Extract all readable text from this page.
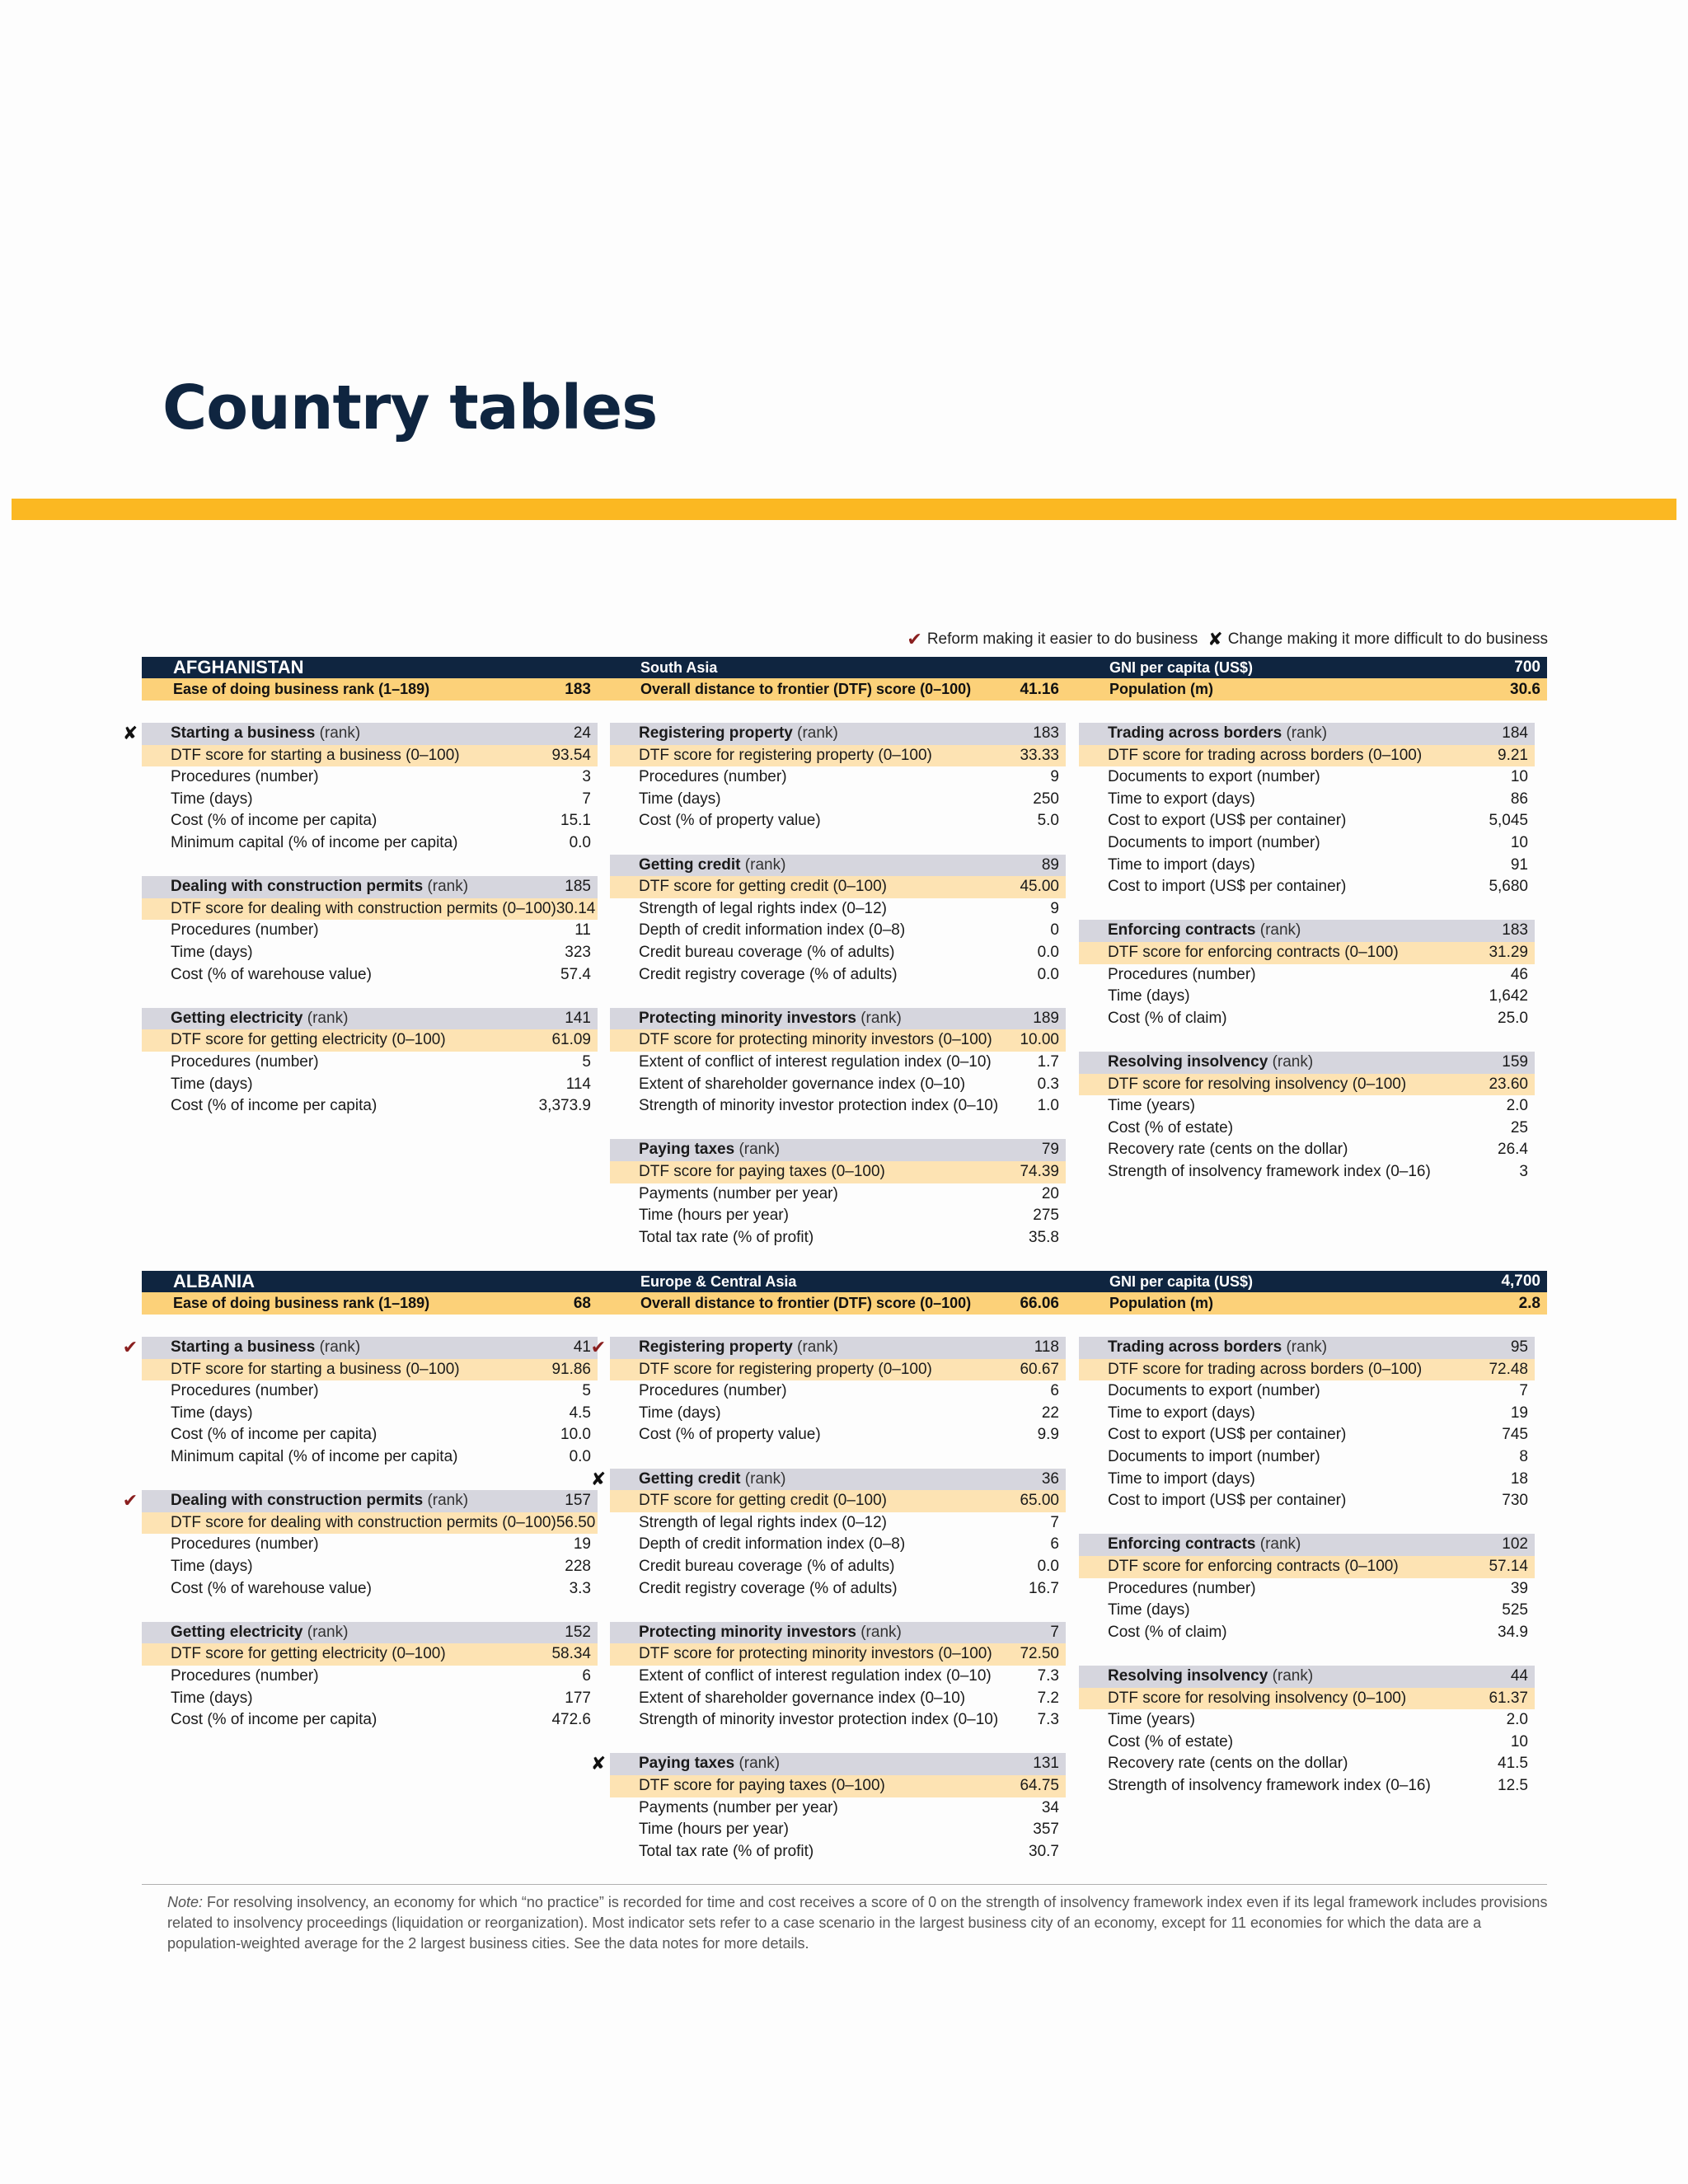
Country tables
✔ Reform making it easier to do business ✘ Change making it more difficult to do business
AFGHANISTAN	South Asia	GNI per capita (US$)	700
Ease of doing business rank (1–189)	183	Overall distance to frontier (DTF) score (0–100)	41.16	Population (m)	30.6
✘ Starting a business (rank)	24
DTF score for starting a business (0–100)	93.54
Procedures (number)	3
Time (days)	7
Cost (% of income per capita)	15.1
Minimum capital (% of income per capita)	0.0
Dealing with construction permits (rank)	185
DTF score for dealing with construction permits (0–100) 30.14
Procedures (number)	11
Time (days)	323
Cost (% of warehouse value)	57.4
Getting electricity (rank)	141
DTF score for getting electricity (0–100)	61.09
Procedures (number)	5
Time (days)	114
Cost (% of income per capita)	3,373.9
Registering property (rank)	183
DTF score for registering property (0–100)	33.33
Procedures (number)	9
Time (days)	250
Cost (% of property value)	5.0
Getting credit (rank)	89
DTF score for getting credit (0–100)	45.00
Strength of legal rights index (0–12)	9
Depth of credit information index (0–8)	0
Credit bureau coverage (% of adults)	0.0
Credit registry coverage (% of adults)	0.0
Protecting minority investors (rank)	189
DTF score for protecting minority investors (0–100) 10.00
Extent of conflict of interest regulation index (0–10)	1.7
Extent of shareholder governance index (0–10)	0.3
Strength of minority investor protection index (0–10) 1.0
Paying taxes (rank)	79
DTF score for paying taxes (0–100)	74.39
Payments (number per year)	20
Time (hours per year)	275
Total tax rate (% of profit)	35.8
Trading across borders (rank)	184
DTF score for trading across borders (0–100)	9.21
Documents to export (number)	10
Time to export (days)	86
Cost to export (US$ per container)	5,045
Documents to import (number)	10
Time to import (days)	91
Cost to import (US$ per container)	5,680
Enforcing contracts (rank)	183
DTF score for enforcing contracts (0–100)	31.29
Procedures (number)	46
Time (days)	1,642
Cost (% of claim)	25.0
Resolving insolvency (rank)	159
DTF score for resolving insolvency (0–100)	23.60
Time (years)	2.0
Cost (% of estate)	25
Recovery rate (cents on the dollar)	26.4
Strength of insolvency framework index (0–16)	3
ALBANIA	Europe & Central Asia	GNI per capita (US$)	4,700
Ease of doing business rank (1–189)	68	Overall distance to frontier (DTF) score (0–100)	66.06	Population (m)	2.8
✔ Starting a business (rank)	41
DTF score for starting a business (0–100)	91.86
Procedures (number)	5
Time (days)	4.5
Cost (% of income per capita)	10.0
Minimum capital (% of income per capita)	0.0
✔ Dealing with construction permits (rank)	157
DTF score for dealing with construction permits (0–100) 56.50
Procedures (number)	19
Time (days)	228
Cost (% of warehouse value)	3.3
Getting electricity (rank)	152
DTF score for getting electricity (0–100)	58.34
Procedures (number)	6
Time (days)	177
Cost (% of income per capita)	472.6
✔ Registering property (rank)	118
DTF score for registering property (0–100)	60.67
Procedures (number)	6
Time (days)	22
Cost (% of property value)	9.9
✘ Getting credit (rank)	36
DTF score for getting credit (0–100)	65.00
Strength of legal rights index (0–12)	7
Depth of credit information index (0–8)	6
Credit bureau coverage (% of adults)	0.0
Credit registry coverage (% of adults)	16.7
Protecting minority investors (rank)	7
DTF score for protecting minority investors (0–100) 72.50
Extent of conflict of interest regulation index (0–10)	7.3
Extent of shareholder governance index (0–10)	7.2
Strength of minority investor protection index (0–10) 7.3
✘ Paying taxes (rank)	131
DTF score for paying taxes (0–100)	64.75
Payments (number per year)	34
Time (hours per year)	357
Total tax rate (% of profit)	30.7
Trading across borders (rank)	95
DTF score for trading across borders (0–100)	72.48
Documents to export (number)	7
Time to export (days)	19
Cost to export (US$ per container)	745
Documents to import (number)	8
Time to import (days)	18
Cost to import (US$ per container)	730
Enforcing contracts (rank)	102
DTF score for enforcing contracts (0–100)	57.14
Procedures (number)	39
Time (days)	525
Cost (% of claim)	34.9
Resolving insolvency (rank)	44
DTF score for resolving insolvency (0–100)	61.37
Time (years)	2.0
Cost (% of estate)	10
Recovery rate (cents on the dollar)	41.5
Strength of insolvency framework index (0–16)	12.5
Note: For resolving insolvency, an economy for which “no practice” is recorded for time and cost receives a score of 0 on the strength of insolvency framework index even if its legal framework includes provisions related to insolvency proceedings (liquidation or reorganization). Most indicator sets refer to a case scenario in the largest business city of an economy, except for 11 economies for which the data are a population-weighted average for the 2 largest business cities. See the data notes for more details.
